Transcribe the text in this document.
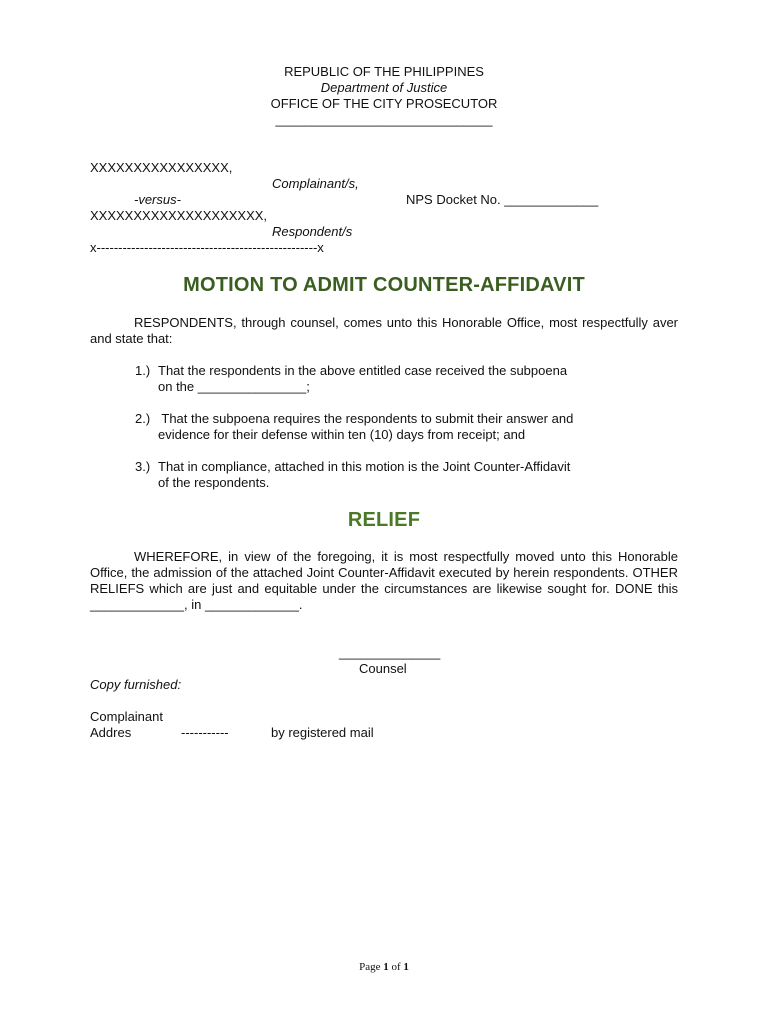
REPUBLIC OF THE PHILIPPINES
Department of Justice
OFFICE OF THE CITY PROSECUTOR
______________________________
XXXXXXXXXXXXXXXX,
Complainant/s,
-versus-	NPS Docket No. _____________
XXXXXXXXXXXXXXXXXXXX,
Respondent/s
x---------------------------------------------------x
MOTION TO ADMIT COUNTER-AFFIDAVIT
RESPONDENTS, through counsel, comes unto this Honorable Office, most respectfully aver and state that:
1.) That the respondents in the above entitled case received the subpoena
on the _______________;
2.) That the subpoena requires the respondents to submit their answer and
evidence for their defense within ten (10) days from receipt; and
3.) That in compliance, attached in this motion is the Joint Counter-Affidavit
of the respondents.
RELIEF
WHEREFORE, in view of the foregoing, it is most respectfully moved unto this Honorable Office, the admission of the attached Joint Counter-Affidavit executed by herein respondents. OTHER RELIEFS which are just and equitable under the circumstances are likewise sought for. DONE this _____________, in _____________.
______________
Counsel
Copy furnished:
Complainant
Addres	-----------	by registered mail
Page 1 of 1
